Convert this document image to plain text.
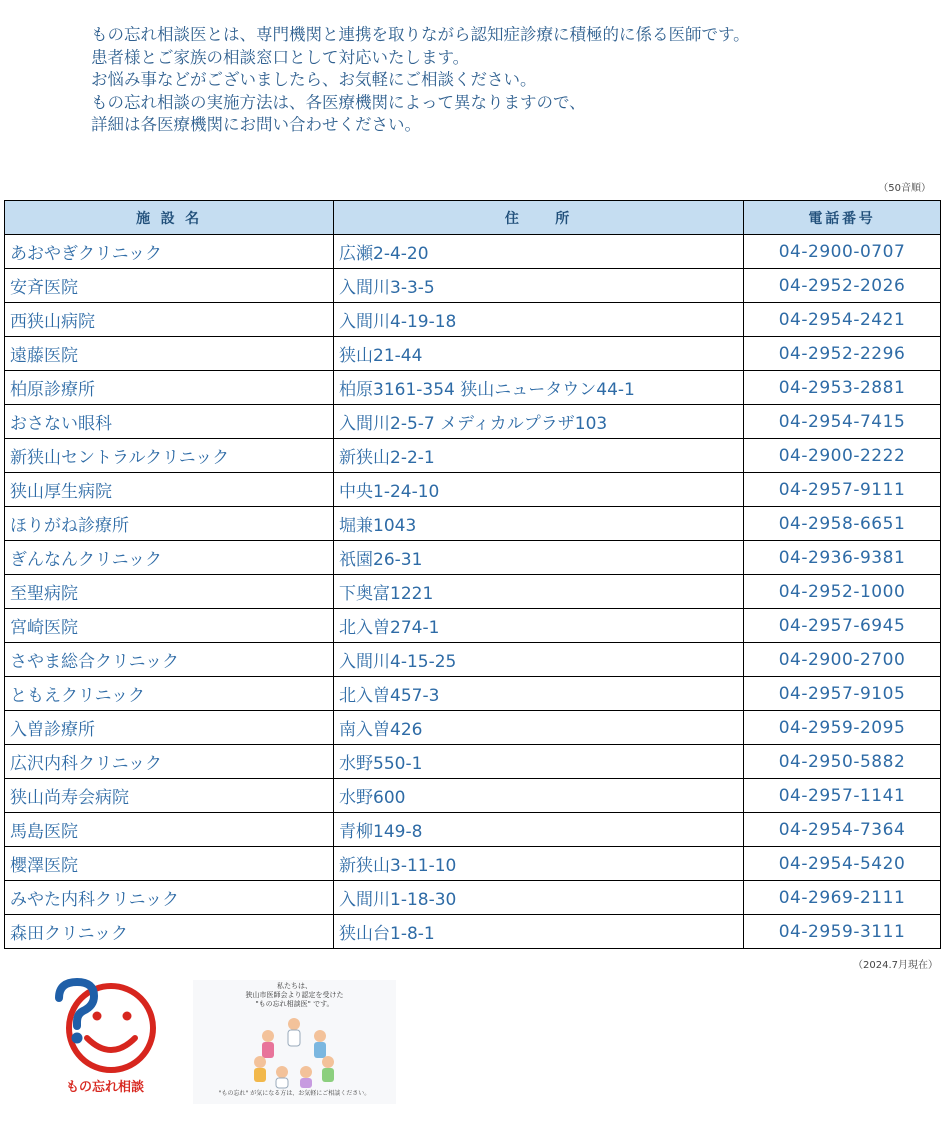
もの忘れ相談医とは、専門機関と連携を取りながら認知症診療に積極的に係る医師です。

患者様とご家族の相談窓口として対応いたします。

お悩み事などがございましたら、お気軽にご相談ください。

もの忘れ相談の実施方法は、各医療機関によって異なりますので、

詳細は各医療機関にお問い合わせください。

（50音順）
施 設 名	住　　所	電話番号
あおやぎクリニック	広瀬2-4-20	04-2900-0707
安斉医院	入間川3-3-5	04-2952-2026
西狭山病院	入間川4-19-18	04-2954-2421
遠藤医院	狭山21-44	04-2952-2296
柏原診療所	柏原3161-354 狭山ニュータウン44-1	04-2953-2881
おさない眼科	入間川2-5-7 メディカルプラザ103	04-2954-7415
新狭山セントラルクリニック	新狭山2-2-1	04-2900-2222
狭山厚生病院	中央1-24-10	04-2957-9111
ほりがね診療所	堀兼1043	04-2958-6651
ぎんなんクリニック	祇園26-31	04-2936-9381
至聖病院	下奥富1221	04-2952-1000
宮崎医院	北入曽274-1	04-2957-6945
さやま総合クリニック	入間川4-15-25	04-2900-2700
ともえクリニック	北入曽457-3	04-2957-9105
入曽診療所	南入曽426	04-2959-2095
広沢内科クリニック	水野550-1	04-2950-5882
狭山尚寿会病院	水野600	04-2957-1141
馬島医院	青柳149-8	04-2954-7364
櫻澤医院	新狭山3-11-10	04-2954-5420
みやた内科クリニック	入間川1-18-30	04-2969-2111
森田クリニック	狭山台1-8-1	04-2959-3111
（2024.7月現在）
もの忘れ相談
私たちは、
狭山市医師会より認定を受けた
"もの忘れ相談医" です。
"もの忘れ" が気になる方は、お気軽にご相談ください。
